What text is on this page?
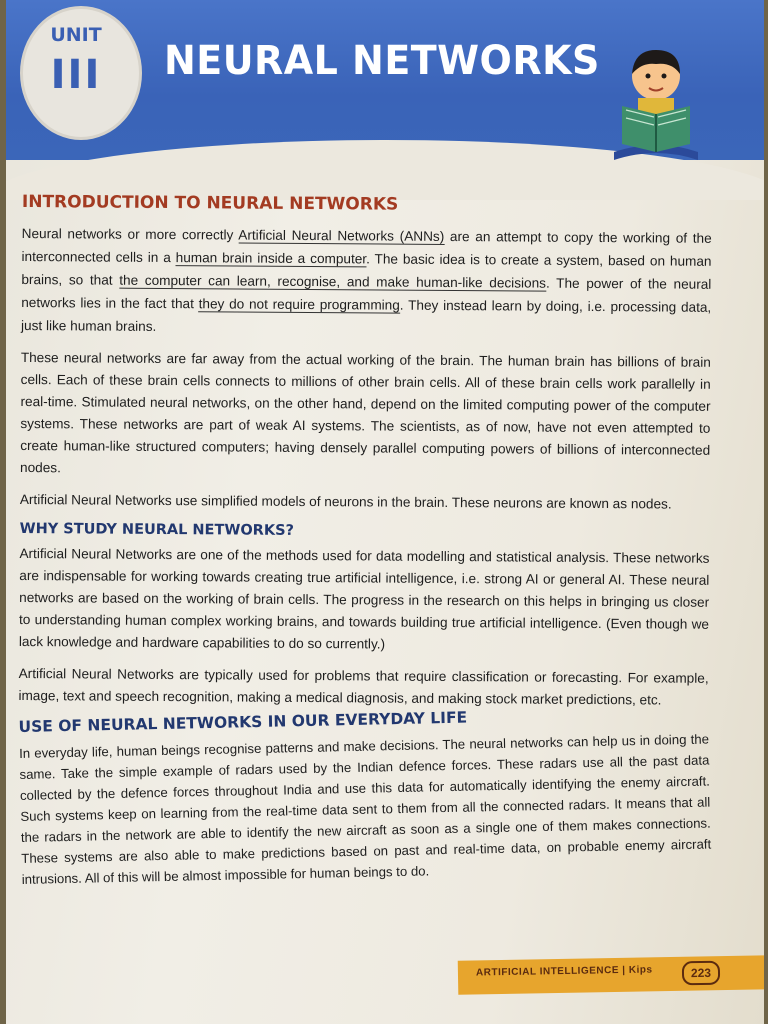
UNIT
III NEURAL NETWORKS
INTRODUCTION TO NEURAL NETWORKS

Neural networks or more correctly Artificial Neural Networks (ANNs) are an attempt to copy the working of the interconnected cells in a human brain inside a computer. The basic idea is to create a system, based on human brains, so that the computer can learn, recognise, and make human-like decisions. The power of the neural networks lies in the fact that they do not require programming. They instead learn by doing, i.e. processing data, just like human brains.

These neural networks are far away from the actual working of the brain. The human brain has billions of brain cells. Each of these brain cells connects to millions of other brain cells. All of these brain cells work parallelly in real-time. Stimulated neural networks, on the other hand, depend on the limited computing power of the computer systems. These networks are part of weak AI systems. The scientists, as of now, have not even attempted to create human-like structured computers; having densely parallel computing powers of billions of interconnected nodes.

Artificial Neural Networks use simplified models of neurons in the brain. These neurons are known as nodes.

WHY STUDY NEURAL NETWORKS?

Artificial Neural Networks are one of the methods used for data modelling and statistical analysis. These networks are indispensable for working towards creating true artificial intelligence, i.e. strong AI or general AI. These neural networks are based on the working of brain cells. The progress in the research on this helps in bringing us closer to understanding human complex working brains, and towards building true artificial intelligence. (Even though we lack knowledge and hardware capabilities to do so currently.)

Artificial Neural Networks are typically used for problems that require classification or forecasting. For example, image, text and speech recognition, making a medical diagnosis, and making stock market predictions, etc.

USE OF NEURAL NETWORKS IN OUR EVERYDAY LIFE

In everyday life, human beings recognise patterns and make decisions. The neural networks can help us in doing the same. Take the simple example of radars used by the Indian defence forces. These radars use all the past data collected by the defence forces throughout India and use this data for automatically identifying the enemy aircraft. Such systems keep on learning from the real-time data sent to them from all the connected radars. It means that all the radars in the network are able to identify the new aircraft as soon as a single one of them makes connections. These systems are also able to make predictions based on past and real-time data, on probable enemy aircraft intrusions. All of this will be almost impossible for human beings to do.

ARTIFICIAL INTELLIGENCE | Kips	223
